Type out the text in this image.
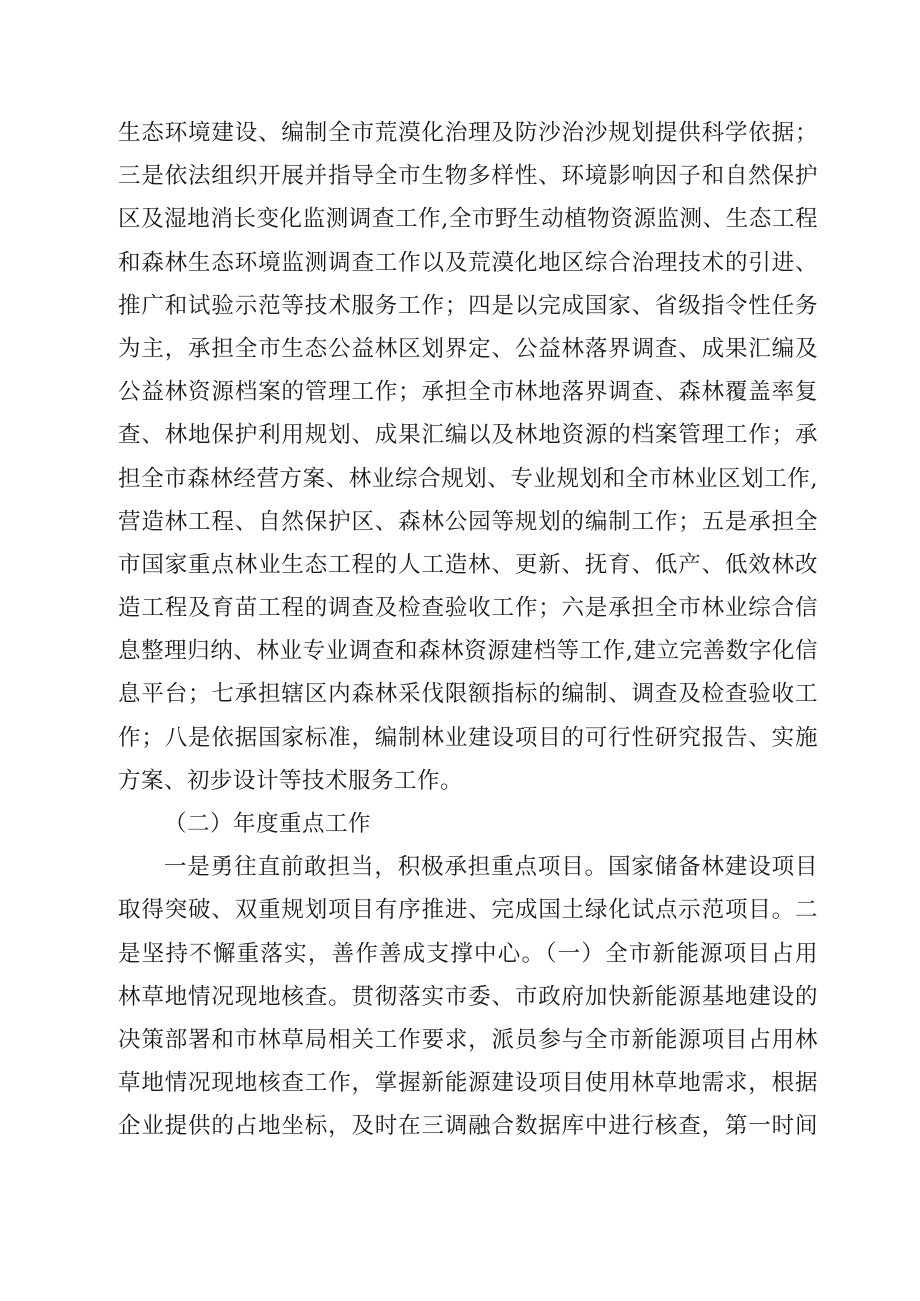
生态环境建设、编制全市荒漠化治理及防沙治沙规划提供科学依据；
三是依法组织开展并指导全市生物多样性、环境影响因子和自然保护
区及湿地消长变化监测调查工作,全市野生动植物资源监测、生态工程
和森林生态环境监测调查工作以及荒漠化地区综合治理技术的引进、
推广和试验示范等技术服务工作；四是以完成国家、省级指令性任务
为主，承担全市生态公益林区划界定、公益林落界调查、成果汇编及
公益林资源档案的管理工作；承担全市林地落界调查、森林覆盖率复
查、林地保护利用规划、成果汇编以及林地资源的档案管理工作；承
担全市森林经营方案、林业综合规划、专业规划和全市林业区划工作,
营造林工程、自然保护区、森林公园等规划的编制工作；五是承担全
市国家重点林业生态工程的人工造林、更新、抚育、低产、低效林改
造工程及育苗工程的调查及检查验收工作；六是承担全市林业综合信
息整理归纳、林业专业调查和森林资源建档等工作,建立完善数字化信
息平台；七承担辖区内森林采伐限额指标的编制、调查及检查验收工
作；八是依据国家标准，编制林业建设项目的可行性研究报告、实施
方案、初步设计等技术服务工作。
（二）年度重点工作
一是勇往直前敢担当，积极承担重点项目。国家储备林建设项目
取得突破、双重规划项目有序推进、完成国土绿化试点示范项目。二
是坚持不懈重落实，善作善成支撑中心。（一）全市新能源项目占用
林草地情况现地核查。贯彻落实市委、市政府加快新能源基地建设的
决策部署和市林草局相关工作要求，派员参与全市新能源项目占用林
草地情况现地核查工作，掌握新能源建设项目使用林草地需求，根据
企业提供的占地坐标，及时在三调融合数据库中进行核查，第一时间
